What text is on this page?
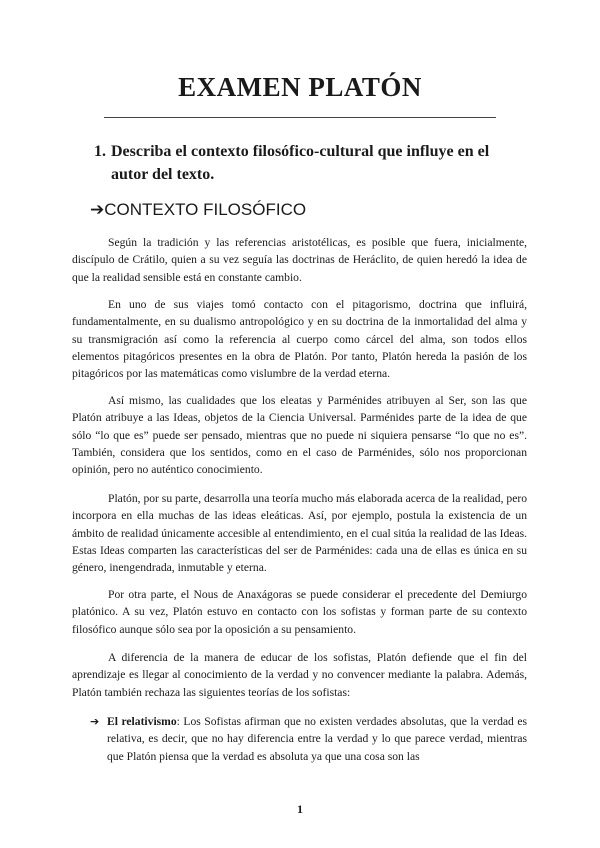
EXAMEN PLATÓN
1. Describa el contexto filosófico-cultural que influye en el autor del texto.
➔CONTEXTO FILOSÓFICO

Según la tradición y las referencias aristotélicas, es posible que fuera, inicialmente, discípulo de Crátilo, quien a su vez seguía las doctrinas de Heráclito, de quien heredó la idea de que la realidad sensible está en constante cambio.

En uno de sus viajes tomó contacto con el pitagorismo, doctrina que influirá, fundamentalmente, en su dualismo antropológico y en su doctrina de la inmortalidad del alma y su transmigración así como la referencia al cuerpo como cárcel del alma, son todos ellos elementos pitagóricos presentes en la obra de Platón. Por tanto, Platón hereda la pasión de los pitagóricos por las matemáticas como vislumbre de la verdad eterna.

Así mismo, las cualidades que los eleatas y Parménides atribuyen al Ser, son las que Platón atribuye a las Ideas, objetos de la Ciencia Universal. Parménides parte de la idea de que sólo “lo que es” puede ser pensado, mientras que no puede ni siquiera pensarse “lo que no es”. También, considera que los sentidos, como en el caso de Parménides, sólo nos proporcionan opinión, pero no auténtico conocimiento.

Platón, por su parte, desarrolla una teoría mucho más elaborada acerca de la realidad, pero incorpora en ella muchas de las ideas eleáticas. Así, por ejemplo, postula la existencia de un ámbito de realidad únicamente accesible al entendimiento, en el cual sitúa la realidad de las Ideas. Estas Ideas comparten las características del ser de Parménides: cada una de ellas es única en su género, inengendrada, inmutable y eterna.

Por otra parte, el Nous de Anaxágoras se puede considerar el precedente del Demiurgo platónico. A su vez, Platón estuvo en contacto con los sofistas y forman parte de su contexto filosófico aunque sólo sea por la oposición a su pensamiento.

A diferencia de la manera de educar de los sofistas, Platón defiende que el fin del aprendizaje es llegar al conocimiento de la verdad y no convencer mediante la palabra. Además, Platón también rechaza las siguientes teorías de los sofistas:

➔ El relativismo: Los Sofistas afirman que no existen verdades absolutas, que la verdad es relativa, es decir, que no hay diferencia entre la verdad y lo que parece verdad, mientras que Platón piensa que la verdad es absoluta ya que una cosa son las

1
